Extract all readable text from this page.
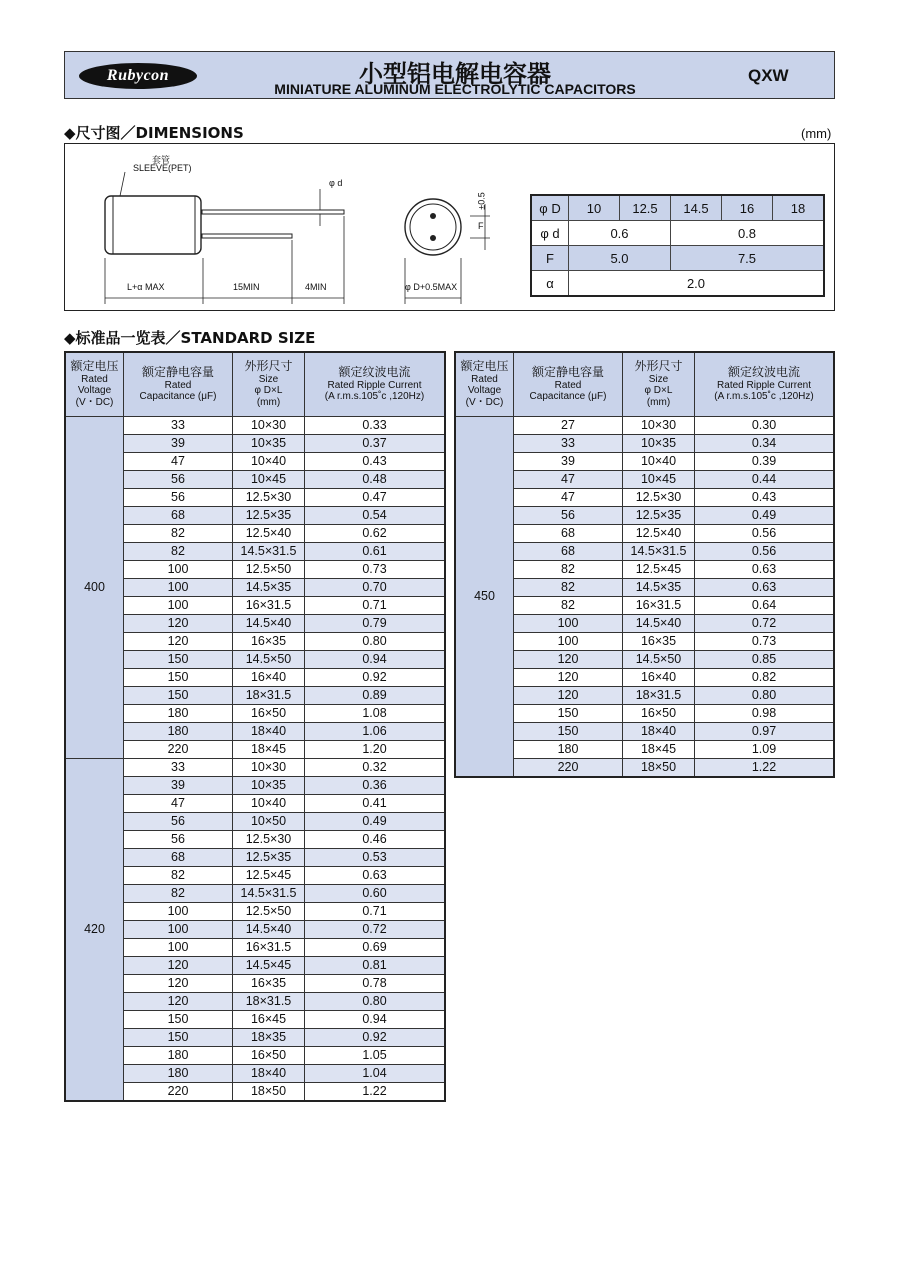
Rubycon	小型铝电解电容器
MINIATURE ALUMINUM ELECTROLYTIC CAPACITORS
QXW
◆尺寸图／DIMENSIONS	(mm)
套管
SLEEVE(PET)
φ d
L+α MAX	15MIN	4MIN	φ D+0.5MAX
±0.5
F
φ D	10	12.5	14.5	16	18
φ d	0.6		0.8		
F	5.0		7.5		
α	2.0				
◆标准品一览表／STANDARD SIZE
额定电压
Rated
Voltage
(V・DC)	额定静电容量
Rated
Capacitance (μF)	外形尺寸
Size
φ D×L
(mm)	额定纹波电流
Rated Ripple Current
(A r.m.s.105˚c ,120Hz)

400	33	10×30	0.33
	39	10×35	0.37
	47	10×40	0.43
	56	10×45	0.48
	56	12.5×30	0.47
	68	12.5×35	0.54
	82	12.5×40	0.62
	82	14.5×31.5	0.61
	100	12.5×50	0.73
	100	14.5×35	0.70
	100	16×31.5	0.71
	120	14.5×40	0.79
	120	16×35	0.80
	150	14.5×50	0.94
	150	16×40	0.92
	150	18×31.5	0.89
	180	16×50	1.08
	180	18×40	1.06
	220	18×45	1.20
420	33	10×30	0.32
	39	10×35	0.36
	47	10×40	0.41
	56	10×50	0.49
	56	12.5×30	0.46
	68	12.5×35	0.53
	82	12.5×45	0.63
	82	14.5×31.5	0.60
	100	12.5×50	0.71
	100	14.5×40	0.72
	100	16×31.5	0.69
	120	14.5×45	0.81
	120	16×35	0.78
	120	18×31.5	0.80
	150	16×45	0.94
	150	18×35	0.92
	180	16×50	1.05
	180	18×40	1.04
	220	18×50	1.22
额定电压
Rated
Voltage
(V・DC)	额定静电容量
Rated
Capacitance (μF)	外形尺寸
Size
φ D×L
(mm)	额定纹波电流
Rated Ripple Current
(A r.m.s.105˚c ,120Hz)

450	27	10×30	0.30
	33	10×35	0.34
	39	10×40	0.39
	47	10×45	0.44
	47	12.5×30	0.43
	56	12.5×35	0.49
	68	12.5×40	0.56
	68	14.5×31.5	0.56
	82	12.5×45	0.63
	82	14.5×35	0.63
	82	16×31.5	0.64
	100	14.5×40	0.72
	100	16×35	0.73
	120	14.5×50	0.85
	120	16×40	0.82
	120	18×31.5	0.80
	150	16×50	0.98
	150	18×40	0.97
	180	18×45	1.09
	220	18×50	1.22
